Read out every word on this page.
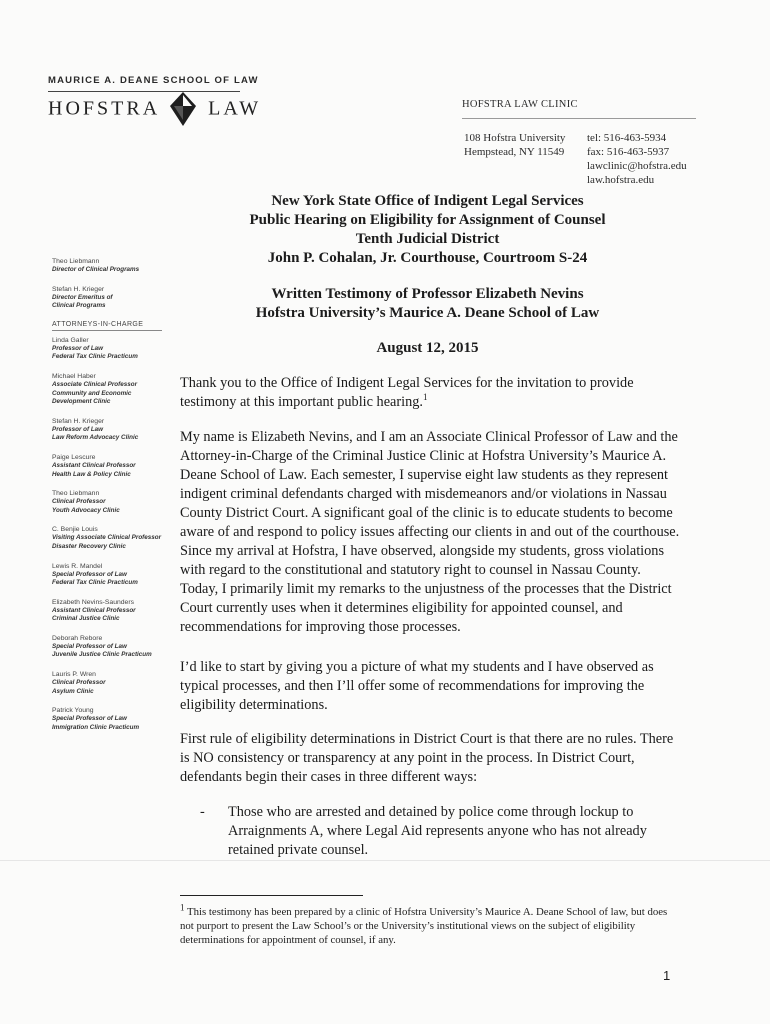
MAURICE A. DEANE SCHOOL OF LAW
HOFSTRA LAW	HOFSTRA LAW CLINIC
108 Hofstra University
Hempstead, NY 11549
tel: 516-463-5934
fax: 516-463-5937
lawclinic@hofstra.edu
law.hofstra.edu
New York State Office of Indigent Legal Services
Public Hearing on Eligibility for Assignment of Counsel
Tenth Judicial District
John P. Cohalan, Jr. Courthouse, Courtroom S-24
Written Testimony of Professor Elizabeth Nevins
Hofstra University’s Maurice A. Deane School of Law
August 12, 2015
Theo Liebmann
Director of Clinical Programs
Stefan H. Krieger
Director Emeritus of
Clinical Programs
ATTORNEYS-IN-CHARGE
Linda Galler
Professor of Law
Federal Tax Clinic Practicum
Michael Haber
Associate Clinical Professor
Community and Economic
Development Clinic
Stefan H. Krieger
Professor of Law
Law Reform Advocacy Clinic
Paige Lescure
Assistant Clinical Professor
Health Law & Policy Clinic
Theo Liebmann
Clinical Professor
Youth Advocacy Clinic
C. Benjie Louis
Visiting Associate Clinical Professor
Disaster Recovery Clinic
Lewis R. Mandel
Special Professor of Law
Federal Tax Clinic Practicum
Elizabeth Nevins-Saunders
Assistant Clinical Professor
Criminal Justice Clinic
Deborah Rebore
Special Professor of Law
Juvenile Justice Clinic Practicum
Lauris P. Wren
Clinical Professor
Asylum Clinic
Patrick Young
Special Professor of Law
Immigration Clinic Practicum

Thank you to the Office of Indigent Legal Services for the invitation to provide testimony at this important public hearing.$^1$

My name is Elizabeth Nevins, and I am an Associate Clinical Professor of Law and the Attorney-in-Charge of the Criminal Justice Clinic at Hofstra University’s Maurice A. Deane School of Law. Each semester, I supervise eight law students as they represent indigent criminal defendants charged with misdemeanors and/or violations in Nassau County District Court. A significant goal of the clinic is to educate students to become aware of and respond to policy issues affecting our clients in and out of the courthouse. Since my arrival at Hofstra, I have observed, alongside my students, gross violations with regard to the constitutional and statutory right to counsel in Nassau County. Today, I primarily limit my remarks to the unjustness of the processes that the District Court currently uses when it determines eligibility for appointed counsel, and recommendations for improving those processes.

I’d like to start by giving you a picture of what my students and I have observed as typical processes, and then I’ll offer some of recommendations for improving the eligibility determinations.

First rule of eligibility determinations in District Court is that there are no rules. There is NO consistency or transparency at any point in the process. In District Court, defendants begin their cases in three different ways:

- Those who are arrested and detained by police come through lockup to Arraignments A, where Legal Aid represents anyone who has not already retained private counsel.
$^1$ This testimony has been prepared by a clinic of Hofstra University’s Maurice A. Deane School of law, but does not purport to present the Law School’s or the University’s institutional views on the subject of eligibility determinations for appointment of counsel, if any.
1
